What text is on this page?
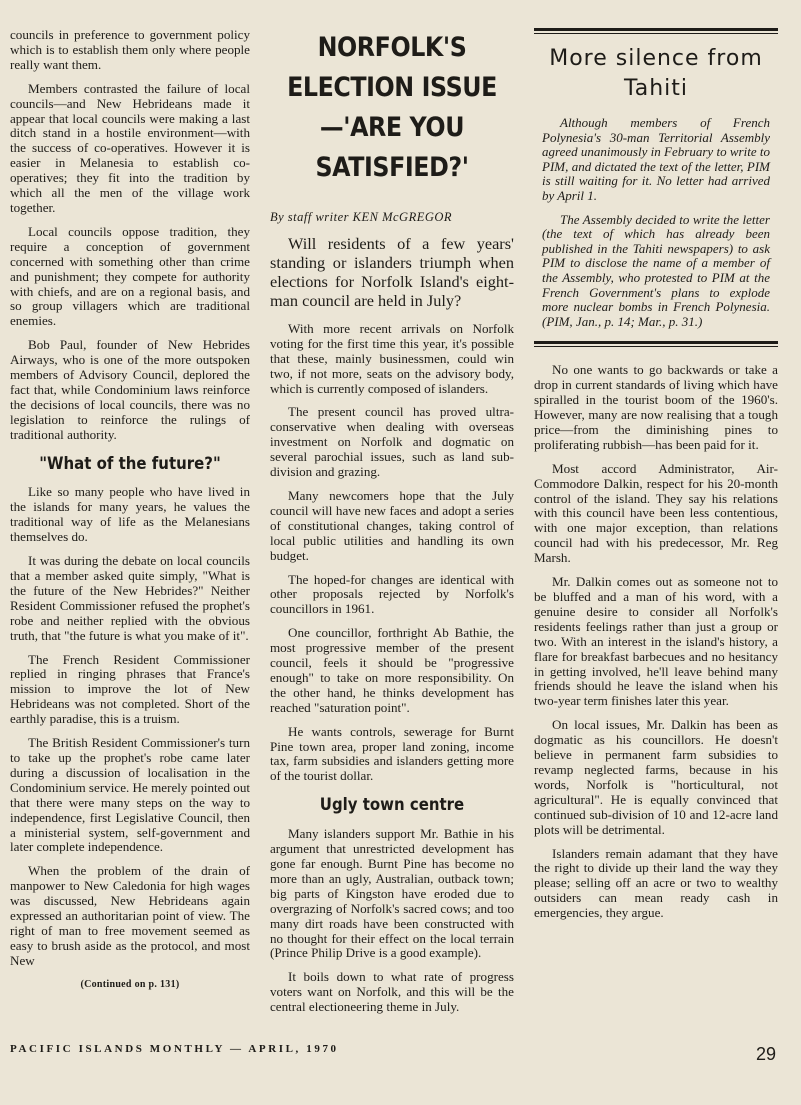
councils in preference to government policy which is to establish them only where people really want them.

Members contrasted the failure of local councils—and New Hebrideans made it appear that local councils were making a last ditch stand in a hostile environment—with the success of co-operatives. However it is easier in Melanesia to establish co-operatives; they fit into the tradition by which all the men of the village work together.

Local councils oppose tradition, they require a conception of government concerned with something other than crime and punishment; they compete for authority with chiefs, and are on a regional basis, and so group villagers which are traditional enemies.

Bob Paul, founder of New Hebrides Airways, who is one of the more outspoken members of Advisory Council, deplored the fact that, while Condominium laws reinforce the decisions of local councils, there was no legislation to reinforce the rulings of traditional authority.

"What of the future?"

Like so many people who have lived in the islands for many years, he values the traditional way of life as the Melanesians themselves do.

It was during the debate on local councils that a member asked quite simply, "What is the future of the New Hebrides?" Neither Resident Commissioner refused the prophet's robe and neither replied with the obvious truth, that "the future is what you make of it".

The French Resident Commissioner replied in ringing phrases that France's mission to improve the lot of New Hebrideans was not completed. Short of the earthly paradise, this is a truism.

The British Resident Commissioner's turn to take up the prophet's robe came later during a discussion of localisation in the Condominium service. He merely pointed out that there were many steps on the way to independence, first Legislative Council, then a ministerial system, self-government and later complete independence.

When the problem of the drain of manpower to New Caledonia for high wages was discussed, New Hebrideans again expressed an authoritarian point of view. The right of man to free movement seemed as easy to brush aside as the protocol, and most New

(Continued on p. 131)
NORFOLK'S ELECTION ISSUE—'ARE YOU SATISFIED?'

By staff writer KEN McGREGOR

Will residents of a few years' standing or islanders triumph when elections for Norfolk Island's eight-man council are held in July?

With more recent arrivals on Norfolk voting for the first time this year, it's possible that these, mainly businessmen, could win two, if not more, seats on the advisory body, which is currently composed of islanders.

The present council has proved ultra-conservative when dealing with overseas investment on Norfolk and dogmatic on several parochial issues, such as land sub-division and grazing.

Many newcomers hope that the July council will have new faces and adopt a series of constitutional changes, taking control of local public utilities and handling its own budget.

The hoped-for changes are identical with other proposals rejected by Norfolk's councillors in 1961.

One councillor, forthright Ab Bathie, the most progressive member of the present council, feels it should be "progressive enough" to take on more responsibility. On the other hand, he thinks development has reached "saturation point".

He wants controls, sewerage for Burnt Pine town area, proper land zoning, income tax, farm subsidies and islanders getting more of the tourist dollar.

Ugly town centre

Many islanders support Mr. Bathie in his argument that unrestricted development has gone far enough. Burnt Pine has become no more than an ugly, Australian, outback town; big parts of Kingston have eroded due to overgrazing of Norfolk's sacred cows; and too many dirt roads have been constructed with no thought for their effect on the local terrain (Prince Philip Drive is a good example).

It boils down to what rate of progress voters want on Norfolk, and this will be the central electioneering theme in July.

More silence from Tahiti

Although members of French Polynesia's 30-man Territorial Assembly agreed unanimously in February to write to PIM, and dictated the text of the letter, PIM is still waiting for it. No letter had arrived by April 1.

The Assembly decided to write the letter (the text of which has already been published in the Tahiti newspapers) to ask PIM to disclose the name of a member of the Assembly, who protested to PIM at the French Government's plans to explode more nuclear bombs in French Polynesia. (PIM, Jan., p. 14; Mar., p. 31.)

No one wants to go backwards or take a drop in current standards of living which have spiralled in the tourist boom of the 1960's. However, many are now realising that a tough price—from the diminishing pines to proliferating rubbish—has been paid for it.

Most accord Administrator, Air-Commodore Dalkin, respect for his 20-month control of the island. They say his relations with this council have been less contentious, with one major exception, than relations council had with his predecessor, Mr. Reg Marsh.

Mr. Dalkin comes out as someone not to be bluffed and a man of his word, with a genuine desire to consider all Norfolk's residents feelings rather than just a group or two. With an interest in the island's history, a flare for breakfast barbecues and no hesitancy in getting involved, he'll leave behind many friends should he leave the island when his two-year term finishes later this year.

On local issues, Mr. Dalkin has been as dogmatic as his councillors. He doesn't believe in permanent farm subsidies to revamp neglected farms, because in his words, Norfolk is "horticultural, not agricultural". He is equally convinced that continued sub-division of 10 and 12-acre land plots will be detrimental.

Islanders remain adamant that they have the right to divide up their land the way they please; selling off an acre or two to wealthy outsiders can mean ready cash in emergencies, they argue.

PACIFIC ISLANDS MONTHLY — APRIL, 1970	29
